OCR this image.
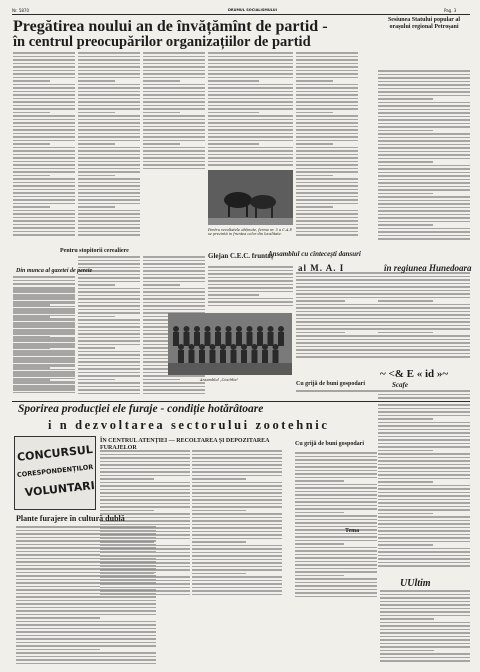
Nr. 5870	DRUMUL SOCIALISMULUI	Pag. 3
Pregătirea noului an de învățămînt de partid -
în centrul preocupărilor organizațiilor de partid
Sesiunea Statului popular al orașului regional Petroșani
Pentru rezultatele obținute, ferma nr. 5 a C.A.P. se prezintă in fruntea celor din localitate.
Glejan C.E.C. fruntaș
Ansamblul „Ciocîrlia"
Pentru stopitorii cerealiere
Din munca al gazetei de perete
Ansamblul cu cîntecești dansuri
al M. A. I	în regiunea Hunedoara
~ <& E « id »~
Scafe
Cu grijă de buni gospodari
Tema
UUltim
Sporirea producției ele furaje - condiție hotărâtoare
i n dezvoltarea sectorului zootehnic
CONCURSUL
CORESPONDENȚILOR
VOLUNTARI
ÎN CENTRUL ATENȚIEI — RECOLTAREA ȘI DEPOZITAREA FURAJELOR
Plante furajere în cultură dublă
Cu grijă de buni gospodari
